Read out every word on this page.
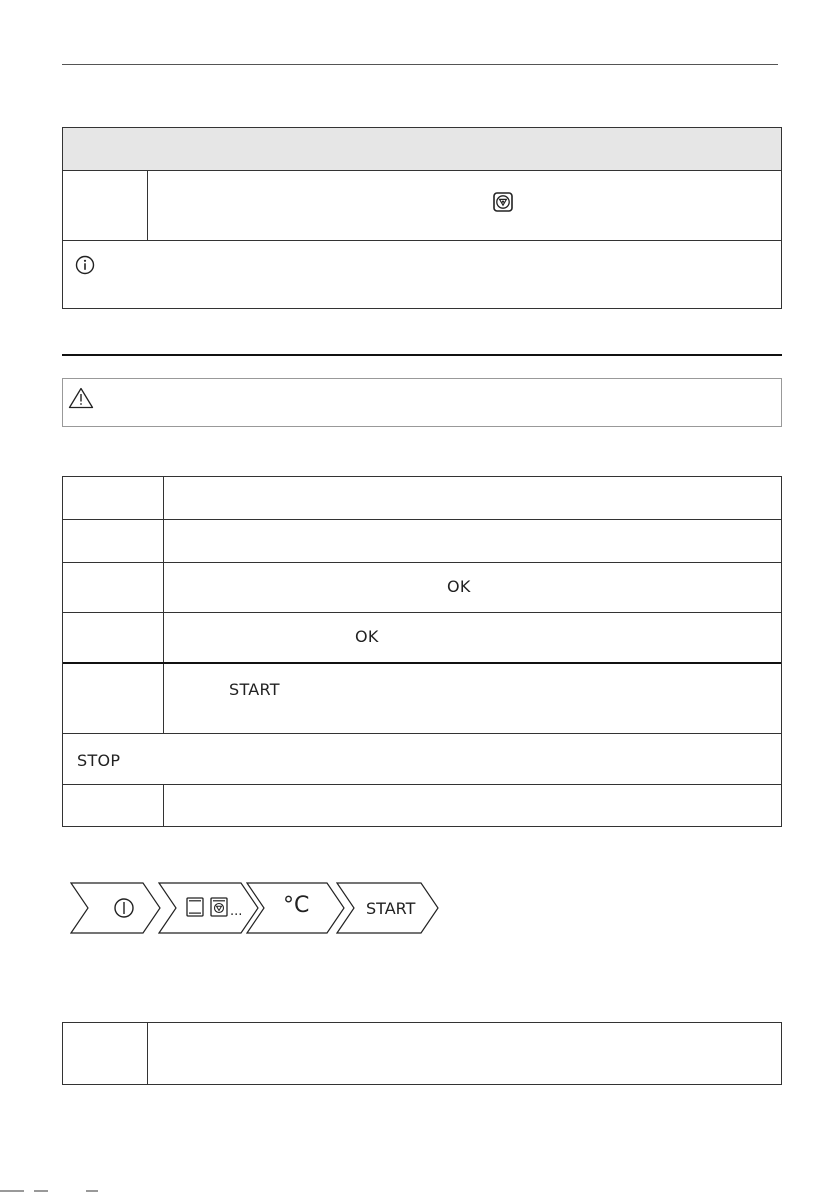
OK
OK
START
STOP
... °C	START
